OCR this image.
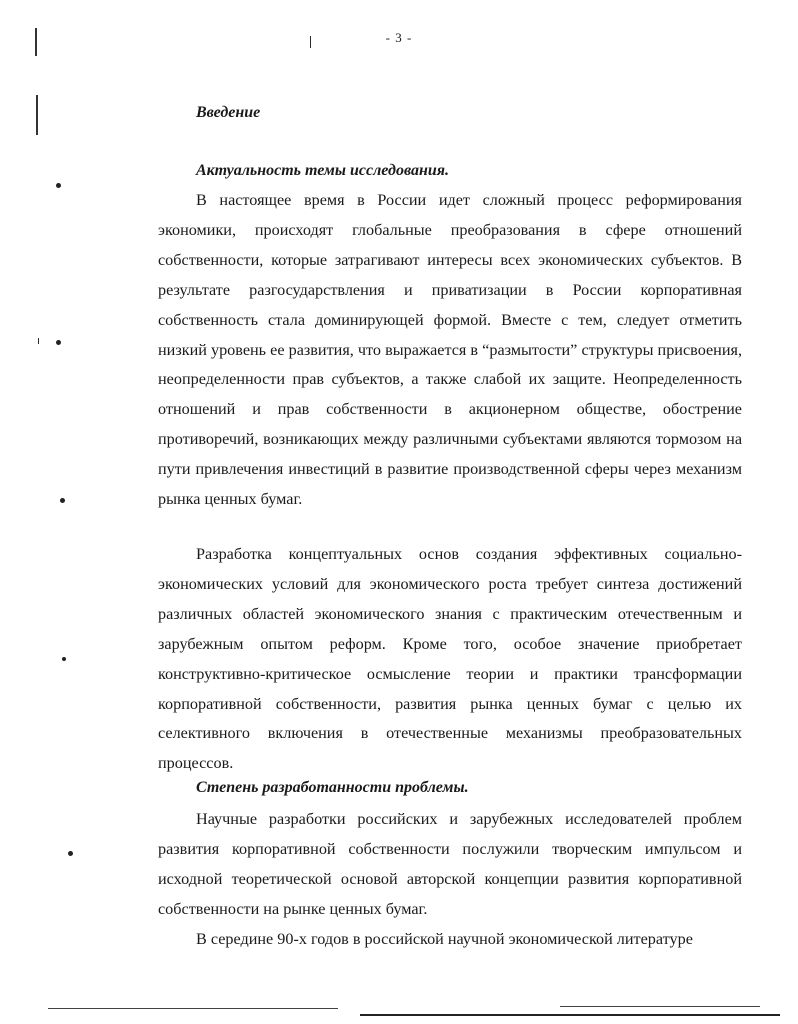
- 3 -

Введение

Актуальность темы исследования.

В настоящее время в России идет сложный процесс реформирования экономики, происходят глобальные преобразования в сфере отношений собственности, которые затрагивают интересы всех экономических субъектов. В результате разгосударствления и приватизации в России корпоративная собственность стала доминирующей формой. Вместе с тем, следует отметить низкий уровень ее развития, что выражается в “размытости” структуры присвоения, неопределенности прав субъектов, а также слабой их защите. Неопределенность отношений и прав собственности в акционерном обществе, обострение противоречий, возникающих между различными субъектами являются тормозом на пути привлечения инвестиций в развитие производственной сферы через механизм рынка ценных бумаг.

Разработка концептуальных основ создания эффективных социально-экономических условий для экономического роста требует синтеза достижений различных областей экономического знания с практическим отечественным и зарубежным опытом реформ. Кроме того, особое значение приобретает конструктивно-критическое осмысление теории и практики трансформации корпоративной собственности, развития рынка ценных бумаг с целью их селективного включения в отечественные механизмы преобразовательных процессов.

Степень разработанности проблемы.

Научные разработки российских и зарубежных исследователей проблем развития корпоративной собственности послужили творческим импульсом и исходной теоретической основой авторской концепции развития корпоративной собственности на рынке ценных бумаг.

В середине 90-х годов в российской научной экономической литературе
